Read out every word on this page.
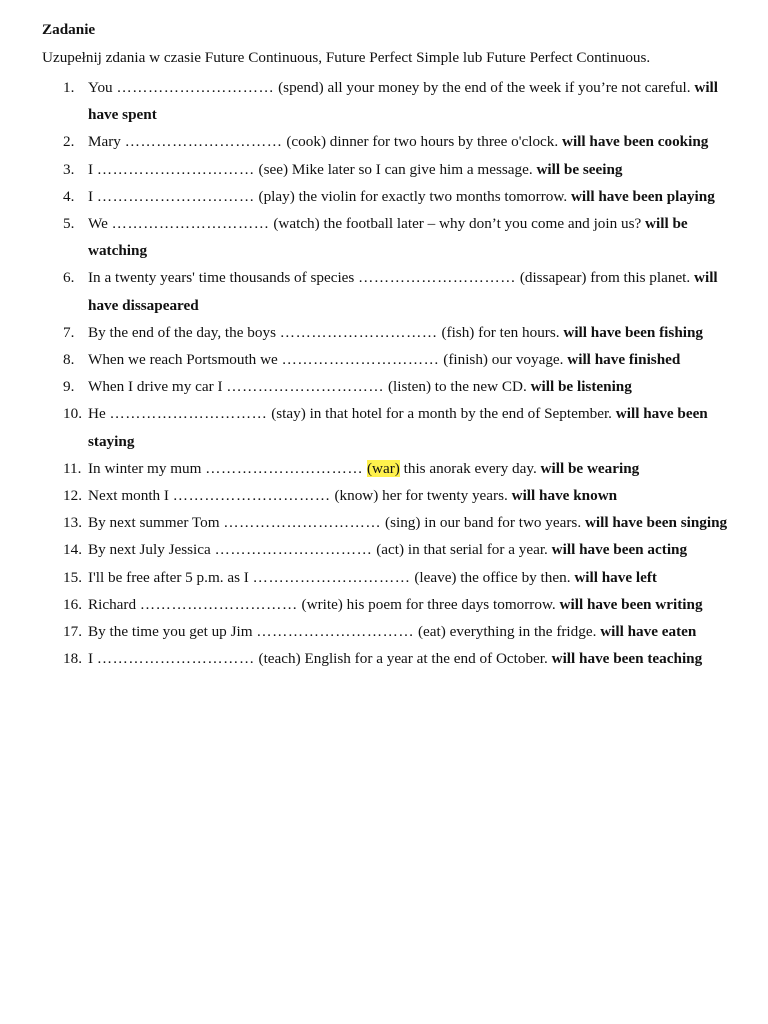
Zadanie
Uzupełnij zdania w czasie Future Continuous, Future Perfect Simple lub Future Perfect Continuous.
1. You ………………………… (spend) all your money by the end of the week if you’re not careful. will have spent
2. Mary ………………………… (cook) dinner for two hours by three o'clock. will have been cooking
3. I ………………………… (see) Mike later so I can give him a message. will be seeing
4. I ………………………… (play) the violin for exactly two months tomorrow. will have been playing
5. We ………………………… (watch) the football later – why don’t you come and join us? will be watching
6. In a twenty years' time thousands of species ………………………… (dissapear) from this planet. will have dissapeared
7. By the end of the day, the boys ………………………… (fish) for ten hours. will have been fishing
8. When we reach Portsmouth we ………………………… (finish) our voyage. will have finished
9. When I drive my car I ………………………… (listen) to the new CD. will be listening
10. He ………………………… (stay) in that hotel for a month by the end of September. will have been staying
11. In winter my mum ………………………… (war) this anorak every day. will be wearing
12. Next month I ………………………… (know) her for twenty years. will have known
13. By next summer Tom ………………………… (sing) in our band for two years. will have been singing
14. By next July Jessica ………………………… (act) in that serial for a year. will have been acting
15. I'll be free after 5 p.m. as I ………………………… (leave) the office by then. will have left
16. Richard ………………………… (write) his poem for three days tomorrow. will have been writing
17. By the time you get up Jim ………………………… (eat) everything in the fridge. will have eaten
18. I ………………………… (teach) English for a year at the end of October. will have been teaching
